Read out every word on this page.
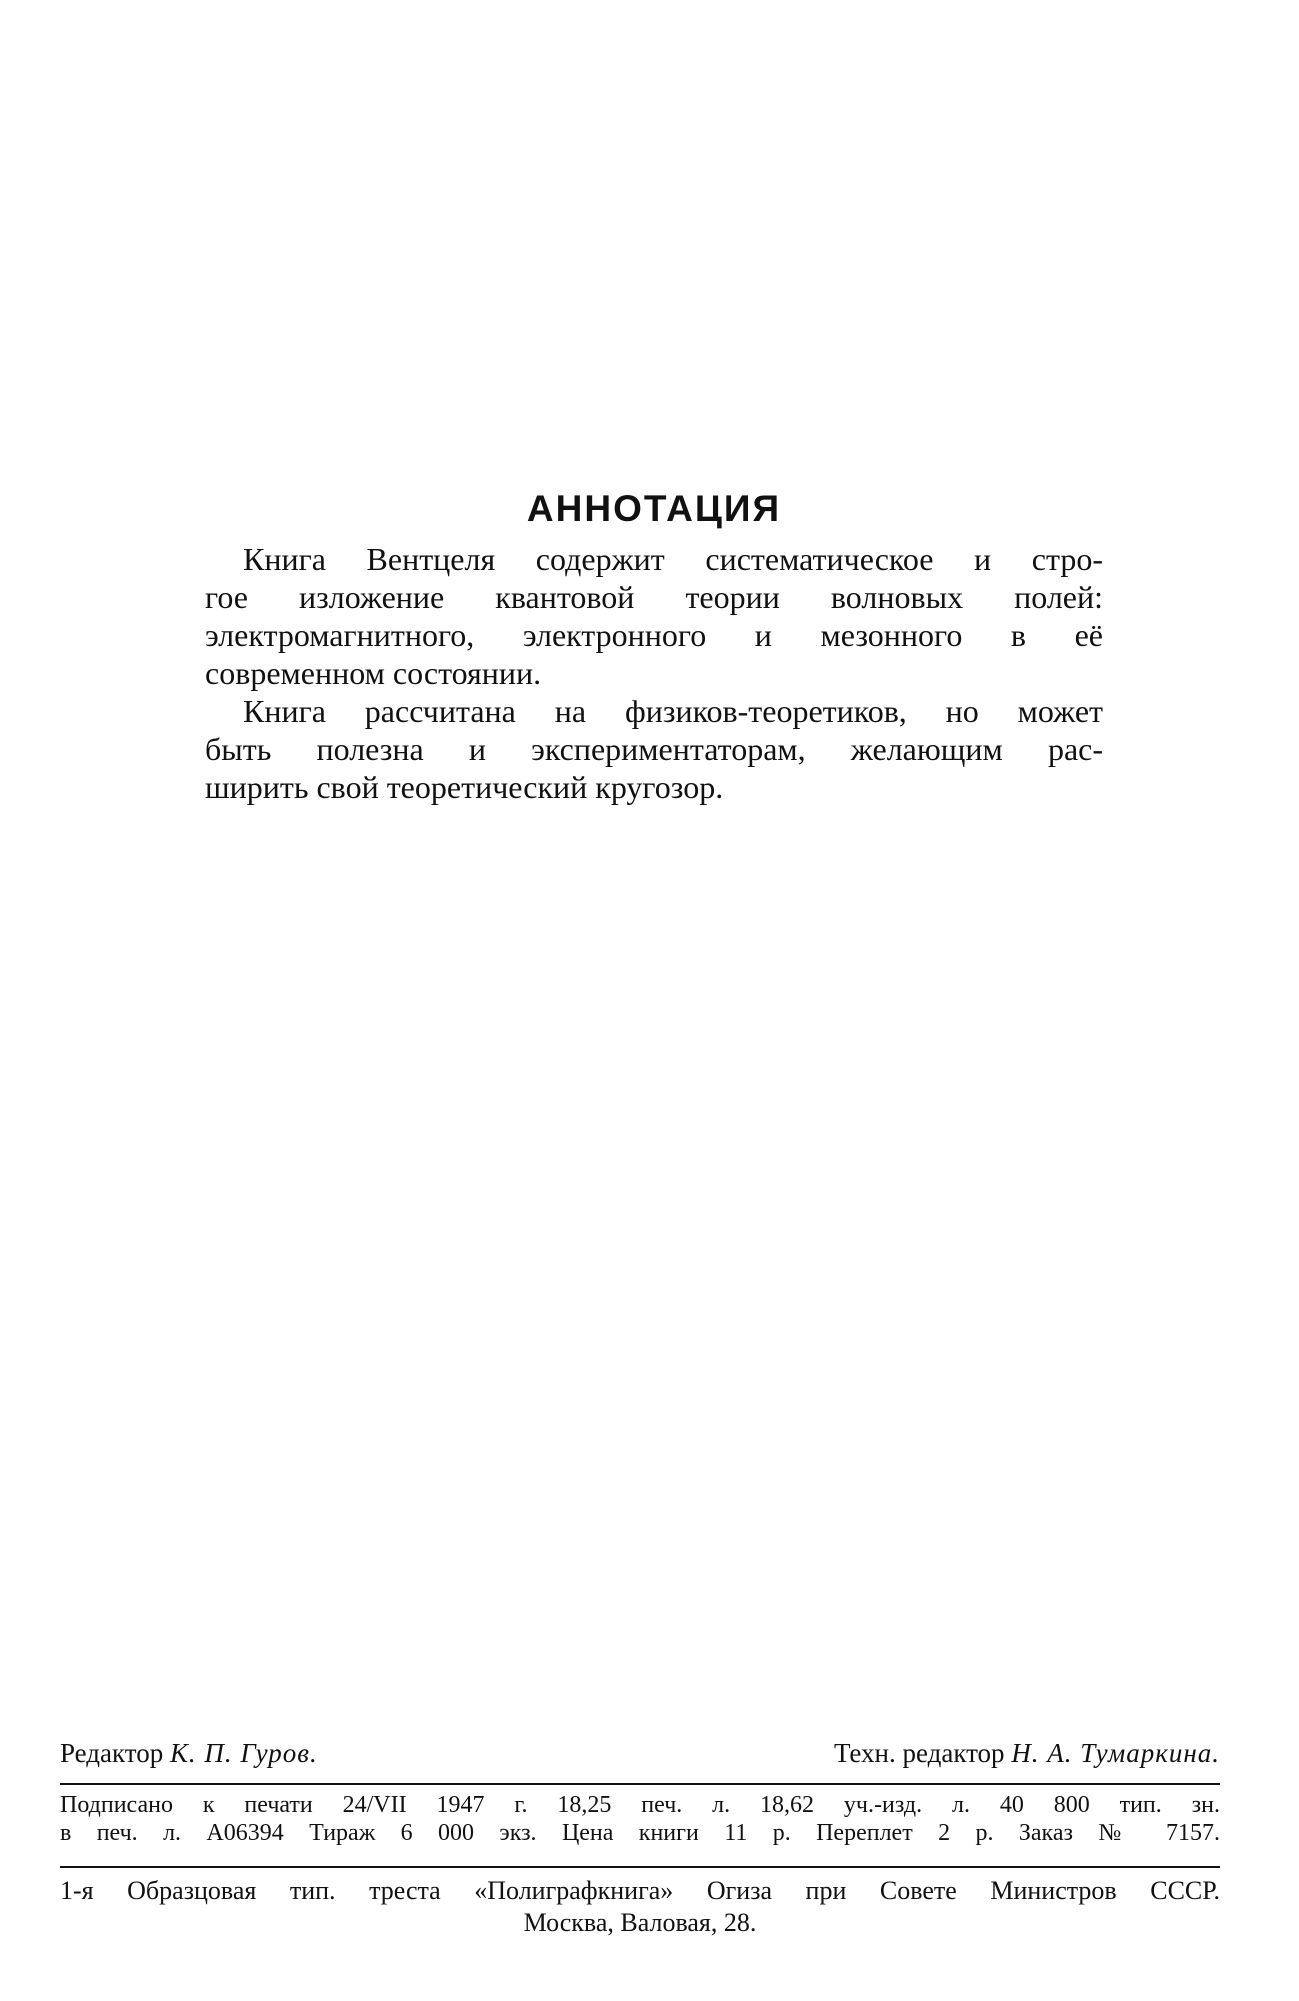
АННОТАЦИЯ

Книга Вентцеля содержит систематическое и стро-
гое изложение квантовой теории волновых полей:
электромагнитного, электронного и мезонного в её
современном состоянии.

Книга рассчитана на физиков-теоретиков, но может
быть полезна и экспериментаторам, желающим рас-
ширить свой теоретический кругозор.

Редактор К. П. Гуров.	Техн. редактор Н. А. Тумаркина.
Подписано к печати 24/VII 1947 г. 18,25 печ. л. 18,62 уч.-изд. л. 40 800 тип. зн.
в печ. л. А06394 Тираж 6 000 экз. Цена книги 11 р. Переплет 2 р. Заказ № 7157.
1-я Образцовая тип. треста «Полиграфкнига» Огиза при Совете Министров СССР.
Москва, Валовая, 28.
